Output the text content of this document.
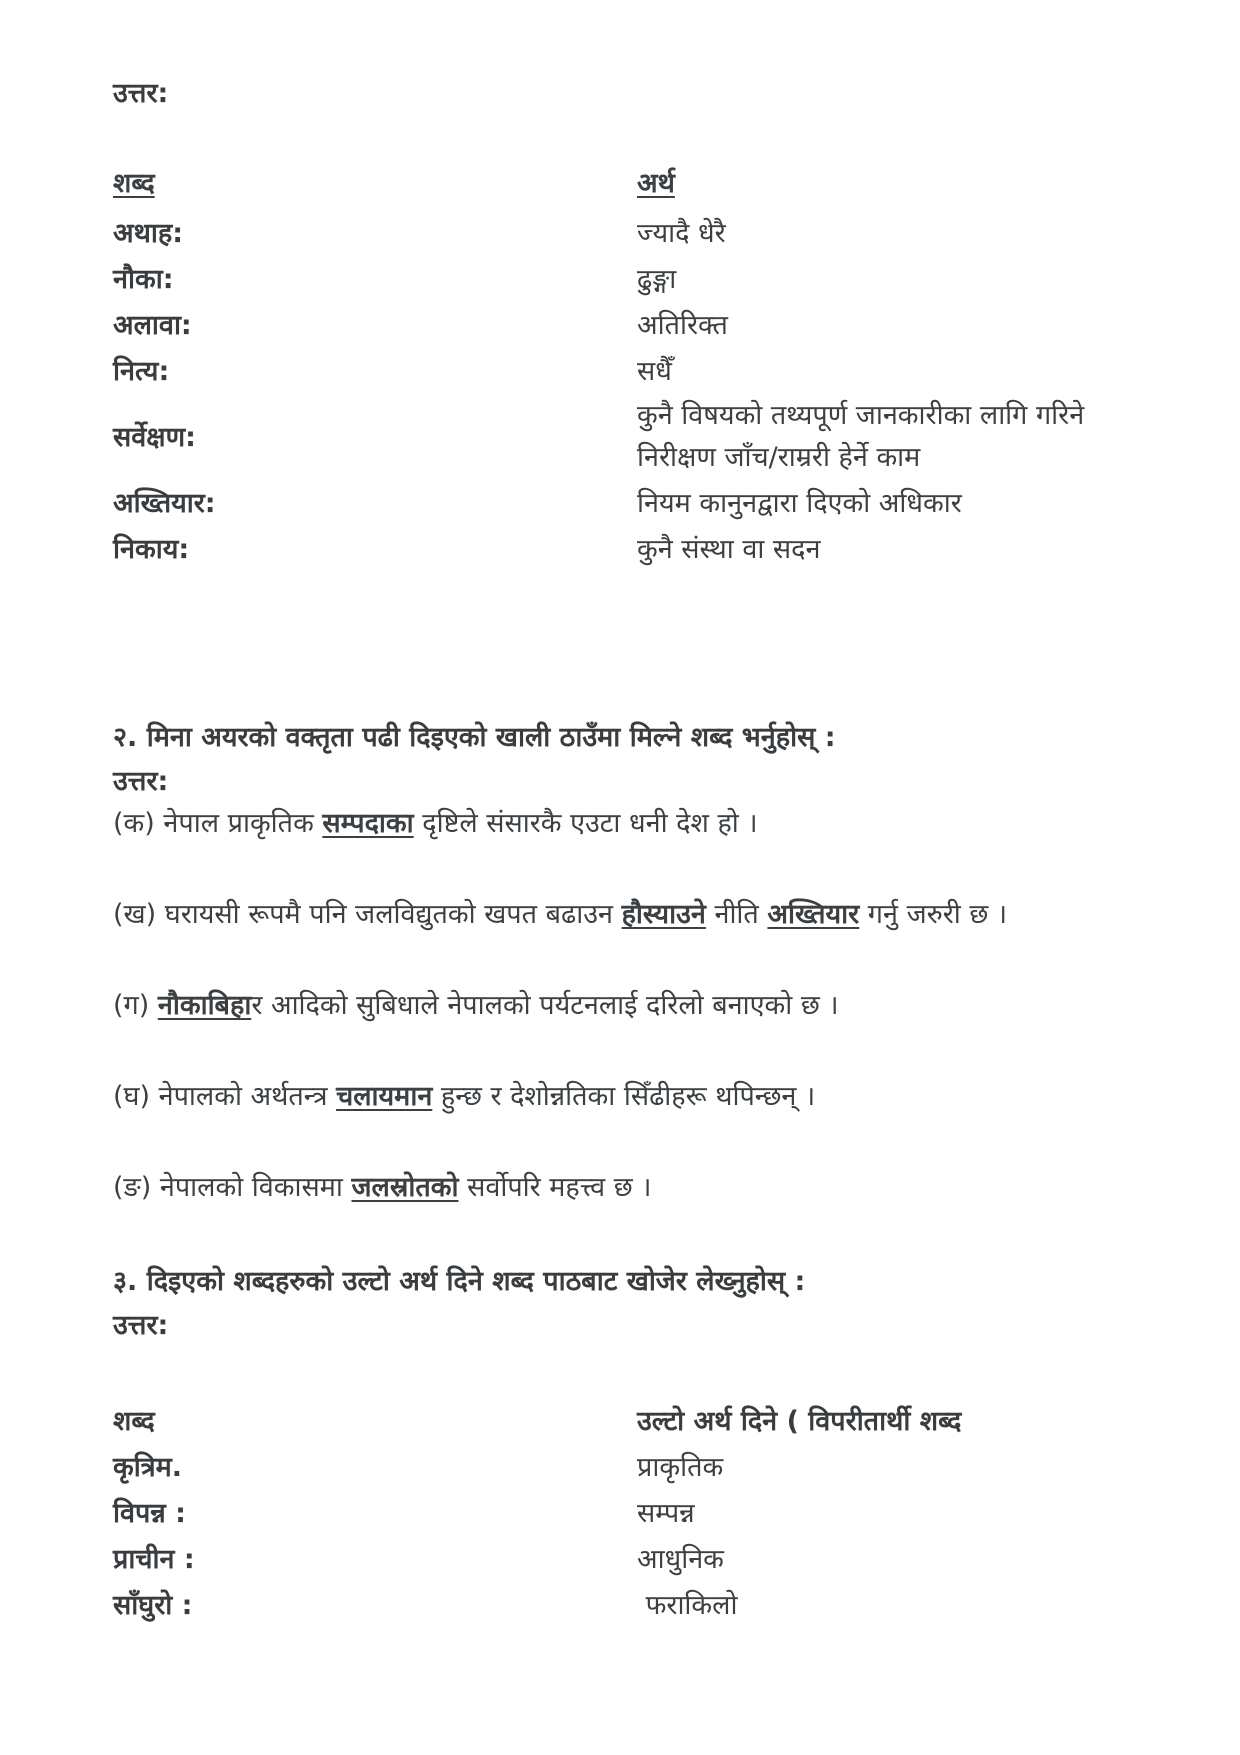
उत्तर:
शब्द	अर्थ
अथाह:	ज्यादै धेरै
नौका:	ढुङ्गा
अलावा:	अतिरिक्त
नित्य:	सधैँ
सर्वेक्षण:
कुनै विषयको तथ्यपूर्ण जानकारीका लागि गरिने
निरीक्षण जाँच/राम्ररी हेर्ने काम
अख्तियार:	नियम कानुनद्वारा दिएको अधिकार
निकाय:	कुनै संस्था वा सदन
२. मिना अयरको वक्तृता पढी दिइएको खाली ठाउँमा मिल्ने शब्द भर्नुहोस् :
उत्तर:
(क) नेपाल प्राकृतिक सम्पदाका दृष्टिले संसारकै एउटा धनी देश हो ।
(ख) घरायसी रूपमै पनि जलविद्युतको खपत बढाउन हौस्याउने नीति अख्तियार गर्नु जरुरी छ ।
(ग) नौकाबिहार आदिको सुबिधाले नेपालको पर्यटनलाई दरिलो बनाएको छ ।
(घ) नेपालको अर्थतन्त्र चलायमान हुन्छ र देशोन्नतिका सिँढीहरू थपिन्छन् ।
(ङ) नेपालको विकासमा जलस्रोतको सर्वोपरि महत्त्व छ ।
३. दिइएको शब्दहरुको उल्टो अर्थ दिने शब्द पाठबाट खोजेर लेख्नुहोस् :
उत्तर:
शब्द	उल्टो अर्थ दिने ( विपरीतार्थी शब्द
कृत्रिम.	प्राकृतिक
विपन्न :	सम्पन्न
प्राचीन :	आधुनिक
साँघुरो :	फराकिलो
